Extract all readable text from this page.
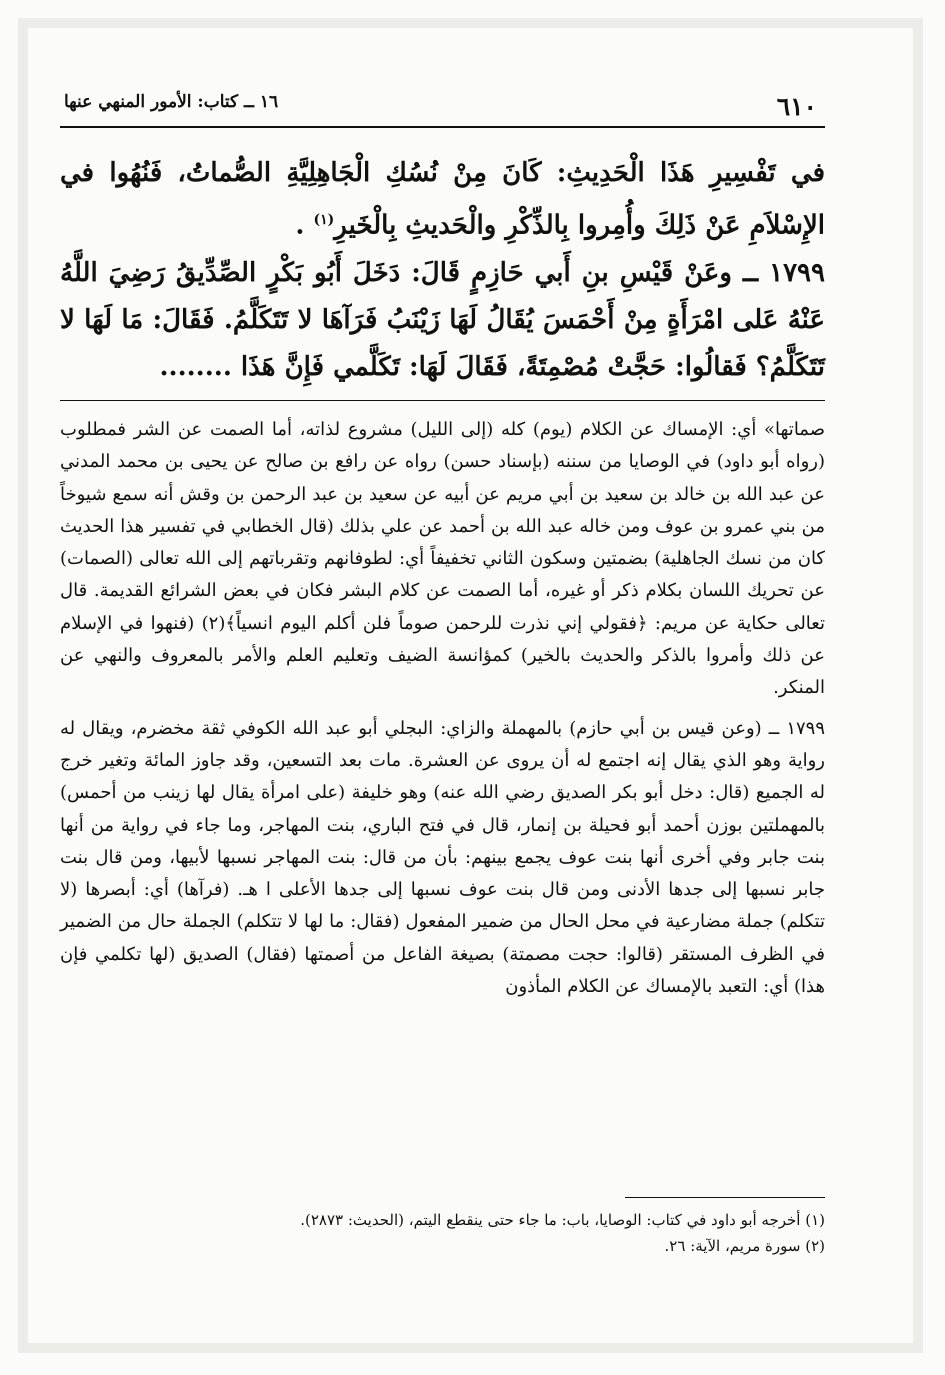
٦١٠
١٦ ــ كتاب: الأمور المنهي عنها

في تَفْسِيرِ هَذَا الْحَدِيثِ: كَانَ مِنْ نُسُكِ الْجَاهِلِيَّةِ الصُّماتُ، فَنُهُوا في الإِسْلاَمِ عَنْ ذَلِكَ وأُمِروا بِالذِّكْرِ والْحَديثِ بِالْخَيرِ$^{(١)}$ .

١٧٩٩ ــ وعَنْ قَيْسِ بنِ أَبي حَازِمٍ قَالَ: دَخَلَ أَبُو بَكْرٍ الصِّدِّيقُ رَضِيَ اللَّهُ عَنْهُ عَلى امْرَأَةٍ مِنْ أَحْمَسَ يُقَالُ لَهَا زَيْنَبُ فَرَآهَا لا تَتَكَلَّمُ. فَقَالَ: مَا لَهَا لا تَتَكَلَّمُ؟ فَقالُوا: حَجَّتْ مُصْمِتَةً، فَقَالَ لَهَا: تَكَلَّمي فَإِنَّ هَذَا ........

صماتها» أي: الإمساك عن الكلام (يوم) كله (إلى الليل) مشروع لذاته، أما الصمت عن الشر فمطلوب (رواه أبو داود) في الوصايا من سننه (بإسناد حسن) رواه عن رافع بن صالح عن يحيى بن محمد المدني عن عبد الله بن خالد بن سعيد بن أبي مريم عن أبيه عن سعيد بن عبد الرحمن بن وقش أنه سمع شيوخاً من بني عمرو بن عوف ومن خاله عبد الله بن أحمد عن علي بذلك (قال الخطابي في تفسير هذا الحديث كان من نسك الجاهلية) بضمتين وسكون الثاني تخفيفاً أي: لطوفانهم وتقرباتهم إلى الله تعالى (الصمات) عن تحريك اللسان بكلام ذكر أو غيره، أما الصمت عن كلام البشر فكان في بعض الشرائع القديمة. قال تعالى حكاية عن مريم: ﴿فقولي إني نذرت للرحمن صوماً فلن أكلم اليوم انسياً﴾(٢) (فنهوا في الإسلام عن ذلك وأمروا بالذكر والحديث بالخير) كمؤانسة الضيف وتعليم العلم والأمر بالمعروف والنهي عن المنكر.

١٧٩٩ ــ (وعن قيس بن أبي حازم) بالمهملة والزاي: البجلي أبو عبد الله الكوفي ثقة مخضرم، ويقال له رواية وهو الذي يقال إنه اجتمع له أن يروى عن العشرة. مات بعد التسعين، وقد جاوز المائة وتغير خرج له الجميع (قال: دخل أبو بكر الصديق رضي الله عنه) وهو خليفة (على امرأة يقال لها زينب من أحمس) بالمهملتين بوزن أحمد أبو فحيلة بن إنمار، قال في فتح الباري، بنت المهاجر، وما جاء في رواية من أنها بنت جابر وفي أخرى أنها بنت عوف يجمع بينهم: بأن من قال: بنت المهاجر نسبها لأبيها، ومن قال بنت جابر نسبها إلى جدها الأدنى ومن قال بنت عوف نسبها إلى جدها الأعلى ا هـ. (فرآها) أي: أبصرها (لا تتكلم) جملة مضارعية في محل الحال من ضمير المفعول (فقال: ما لها لا تتكلم) الجملة حال من الضمير في الظرف المستقر (قالوا: حجت مصمتة) بصيغة الفاعل من أصمتها (فقال) الصديق (لها تكلمي فإن هذا) أي: التعبد بالإمساك عن الكلام المأذون

(١) أخرجه أبو داود في كتاب: الوصايا، باب: ما جاء حتى ينقطع اليتم، (الحديث: ٢٨٧٣).

(٢) سورة مريم، الآية: ٢٦.
